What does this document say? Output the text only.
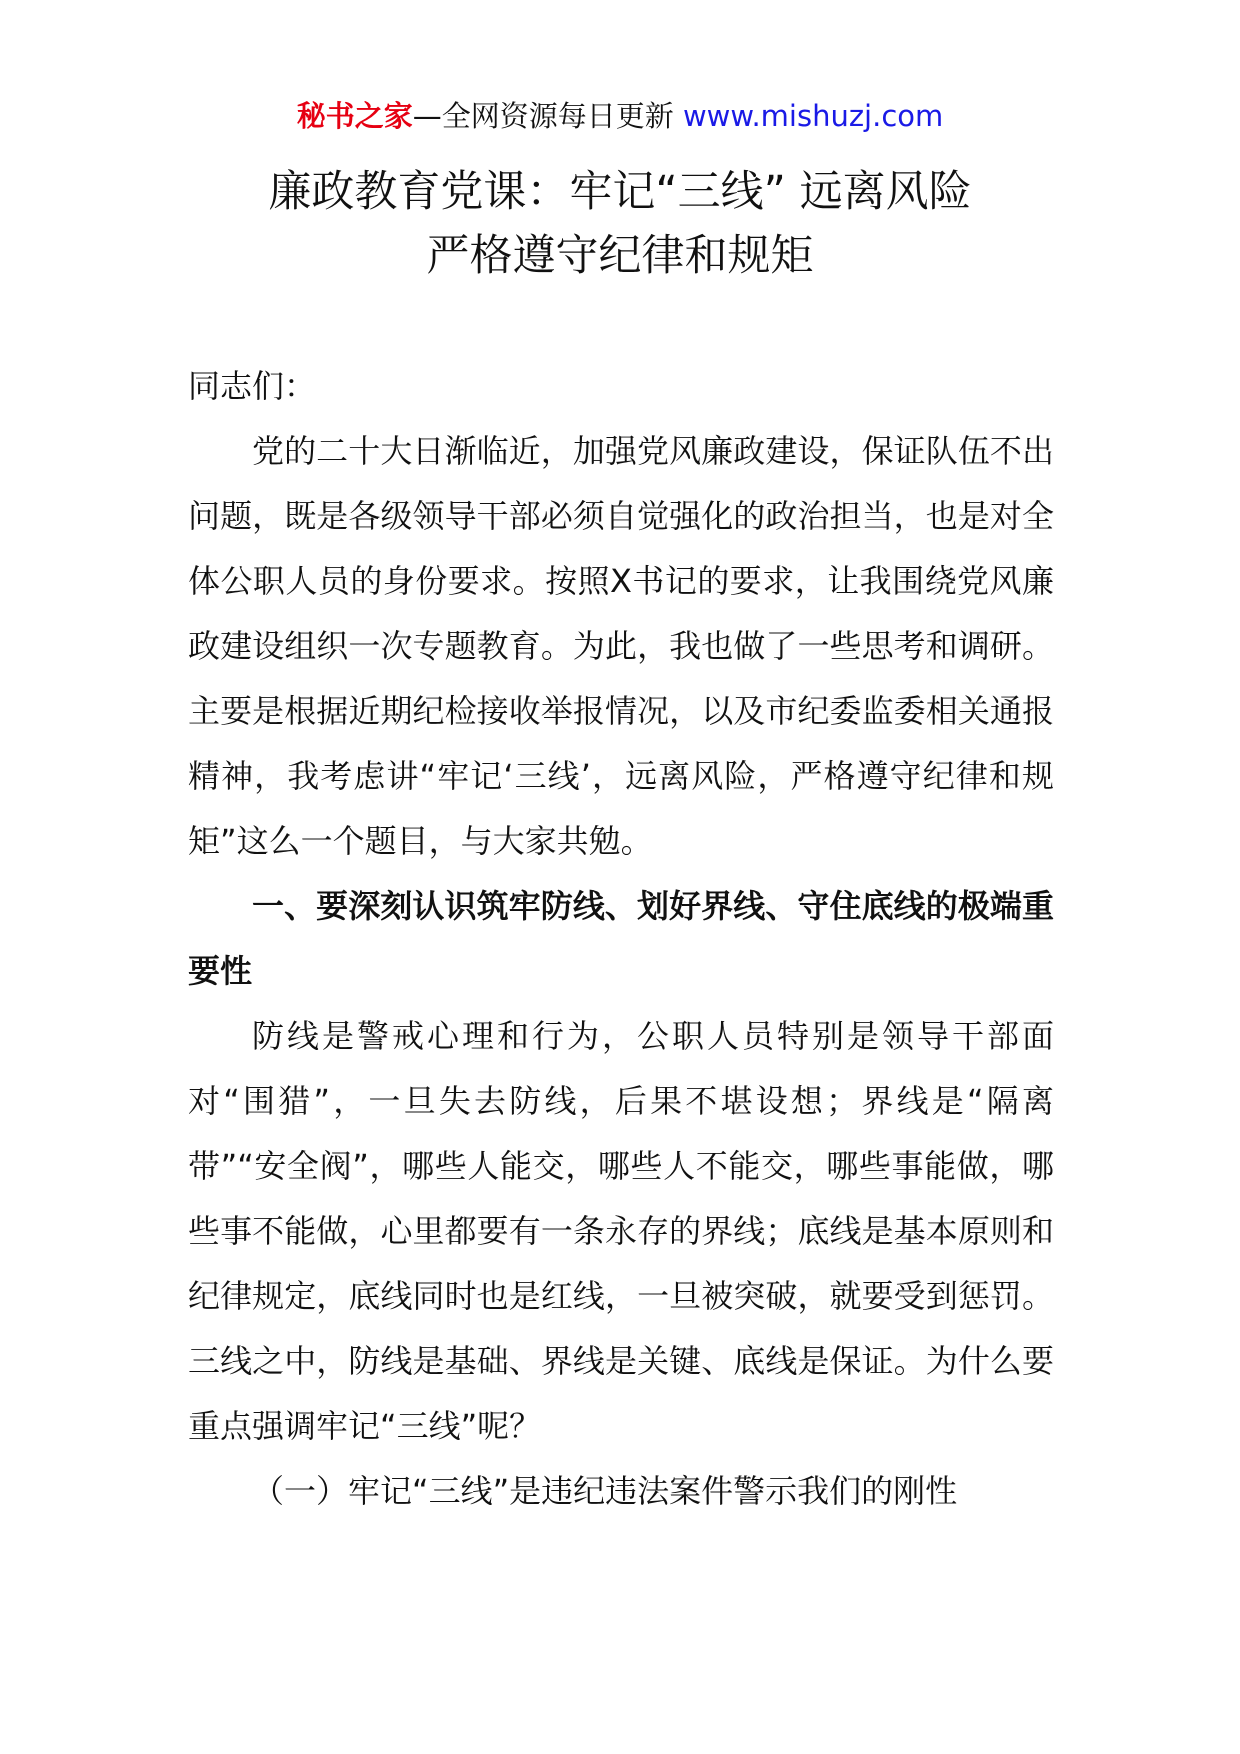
秘书之家—全网资源每日更新 www.mishuzj.com
廉政教育党课：牢记“三线” 远离风险
严格遵守纪律和规矩

同志们：

党的二十大日渐临近，加强党风廉政建设，保证队伍不出问题，既是各级领导干部必须自觉强化的政治担当，也是对全体公职人员的身份要求。按照X书记的要求，让我围绕党风廉政建设组织一次专题教育。为此，我也做了一些思考和调研。主要是根据近期纪检接收举报情况，以及市纪委监委相关通报精神，我考虑讲“牢记‘三线’，远离风险，严格遵守纪律和规矩”这么一个题目，与大家共勉。

一、要深刻认识筑牢防线、划好界线、守住底线的极端重要性

防线是警戒心理和行为，公职人员特别是领导干部面对“围猎”，一旦失去防线，后果不堪设想；界线是“隔离带”“安全阀”，哪些人能交，哪些人不能交，哪些事能做，哪些事不能做，心里都要有一条永存的界线；底线是基本原则和纪律规定，底线同时也是红线，一旦被突破，就要受到惩罚。三线之中，防线是基础、界线是关键、底线是保证。为什么要重点强调牢记“三线”呢？

（一）牢记“三线”是违纪违法案件警示我们的刚性
